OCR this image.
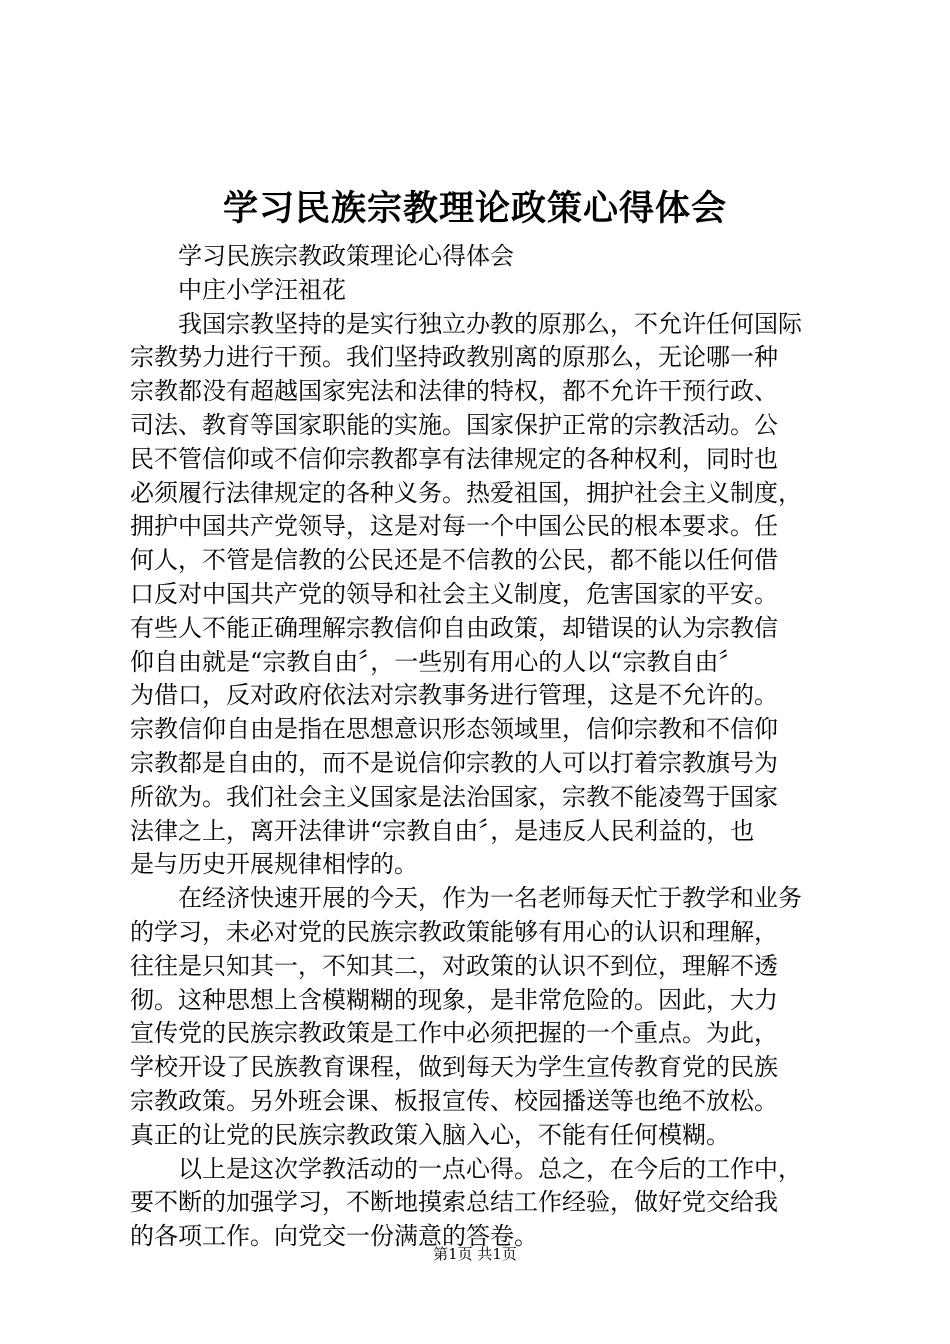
学习民族宗教理论政策心得体会
学习民族宗教政策理论心得体会
中庄小学汪祖花
我国宗教坚持的是实行独立办教的原那么，不允许任何国际
宗教势力进行干预。我们坚持政教别离的原那么，无论哪一种
宗教都没有超越国家宪法和法律的特权，都不允许干预行政、
司法、教育等国家职能的实施。国家保护正常的宗教活动。公
民不管信仰或不信仰宗教都享有法律规定的各种权利，同时也
必须履行法律规定的各种义务。热爱祖国，拥护社会主义制度，
拥护中国共产党领导，这是对每一个中国公民的根本要求。任
何人，不管是信教的公民还是不信教的公民，都不能以任何借
口反对中国共产党的领导和社会主义制度，危害国家的平安。
有些人不能正确理解宗教信仰自由政策，却错误的认为宗教信
仰自由就是“宗教自由〞，一些别有用心的人以“宗教自由〞
为借口，反对政府依法对宗教事务进行管理，这是不允许的。
宗教信仰自由是指在思想意识形态领域里，信仰宗教和不信仰
宗教都是自由的，而不是说信仰宗教的人可以打着宗教旗号为
所欲为。我们社会主义国家是法治国家，宗教不能凌驾于国家
法律之上，离开法律讲“宗教自由〞，是违反人民利益的，也
是与历史开展规律相悖的。
在经济快速开展的今天，作为一名老师每天忙于教学和业务
的学习，未必对党的民族宗教政策能够有用心的认识和理解，
往往是只知其一，不知其二，对政策的认识不到位，理解不透
彻。这种思想上含模糊糊的现象，是非常危险的。因此，大力
宣传党的民族宗教政策是工作中必须把握的一个重点。为此，
学校开设了民族教育课程，做到每天为学生宣传教育党的民族
宗教政策。另外班会课、板报宣传、校园播送等也绝不放松。
真正的让党的民族宗教政策入脑入心，不能有任何模糊。
以上是这次学教活动的一点心得。总之，在今后的工作中，
要不断的加强学习，不断地摸索总结工作经验，做好党交给我
的各项工作。向党交一份满意的答卷。
第1页 共1页
